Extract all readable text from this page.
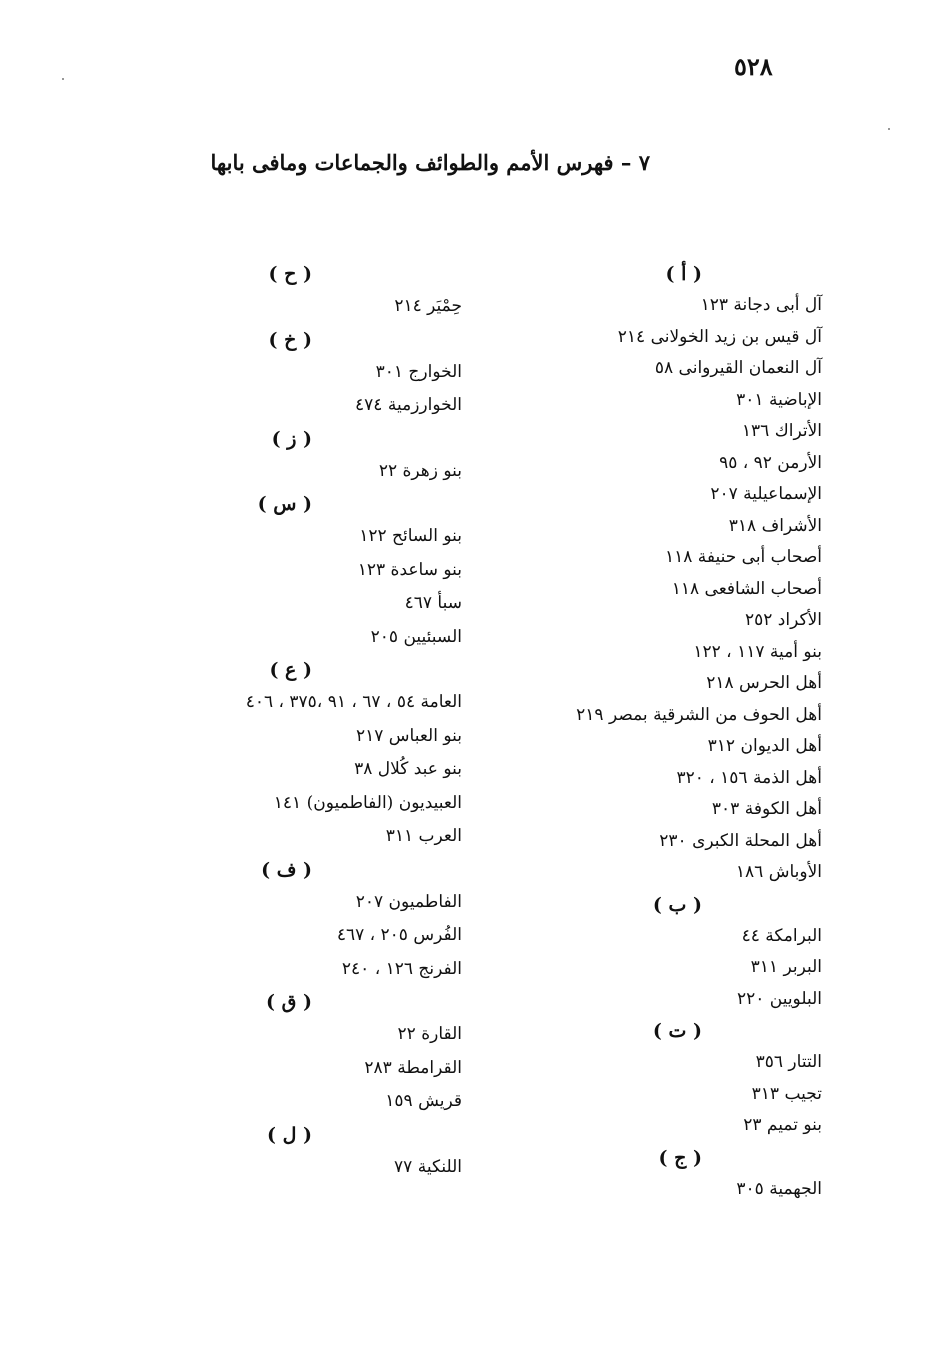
٥٢٨
٧ – فهرس الأمم والطوائف والجماعات ومافى بابها
( أ )
آل أبى دجانة ١٢٣
آل قيس بن زيد الخولانى ٢١٤
آل النعمان القيروانى ٥٨
الإباضية ٣٠١
الأتراك ١٣٦
الأرمن ٩٢ ، ٩٥
الإسماعيلية ٢٠٧
الأشراف ٣١٨
أصحاب أبى حنيفة ١١٨
أصحاب الشافعى ١١٨
الأكراد ٢٥٢
بنو أمية ١١٧ ، ١٢٢
أهل الحرس ٢١٨
أهل الحوف من الشرقية بمصر ٢١٩
أهل الديوان ٣١٢
أهل الذمة ١٥٦ ، ٣٢٠
أهل الكوفة ٣٠٣
أهل المحلة الكبرى ٢٣٠
الأوباش ١٨٦
( ب )
البرامكة ٤٤
البربر ٣١١
البلويين ٢٢٠
( ت )
التتار ٣٥٦
تجيب ٣١٣
بنو تميم ٢٣
( ج )
الجهمية ٣٠٥
( ح )
حِمْيَر ٢١٤
( خ )
الخوارج ٣٠١
الخوارزمية ٤٧٤
( ز )
بنو زهرة ٢٢
( س )
بنو السائح ١٢٢
بنو ساعدة ١٢٣
سبأ ٤٦٧
السبئيين ٢٠٥
( ع )
العامة ٥٤ ، ٦٧ ، ٩١ ،٣٧٥ ، ٤٠٦
بنو العباس ٢١٧
بنو عبد كُلال ٣٨
العبيديون (الفاطميون) ١٤١
العرب ٣١١
( ف )
الفاطميون ٢٠٧
الفُرس ٢٠٥ ، ٤٦٧
الفرنج ١٢٦ ، ٢٤٠
( ق )
القارة ٢٢
القرامطة ٢٨٣
قريش ١٥٩
( ل )
اللنكية ٧٧
